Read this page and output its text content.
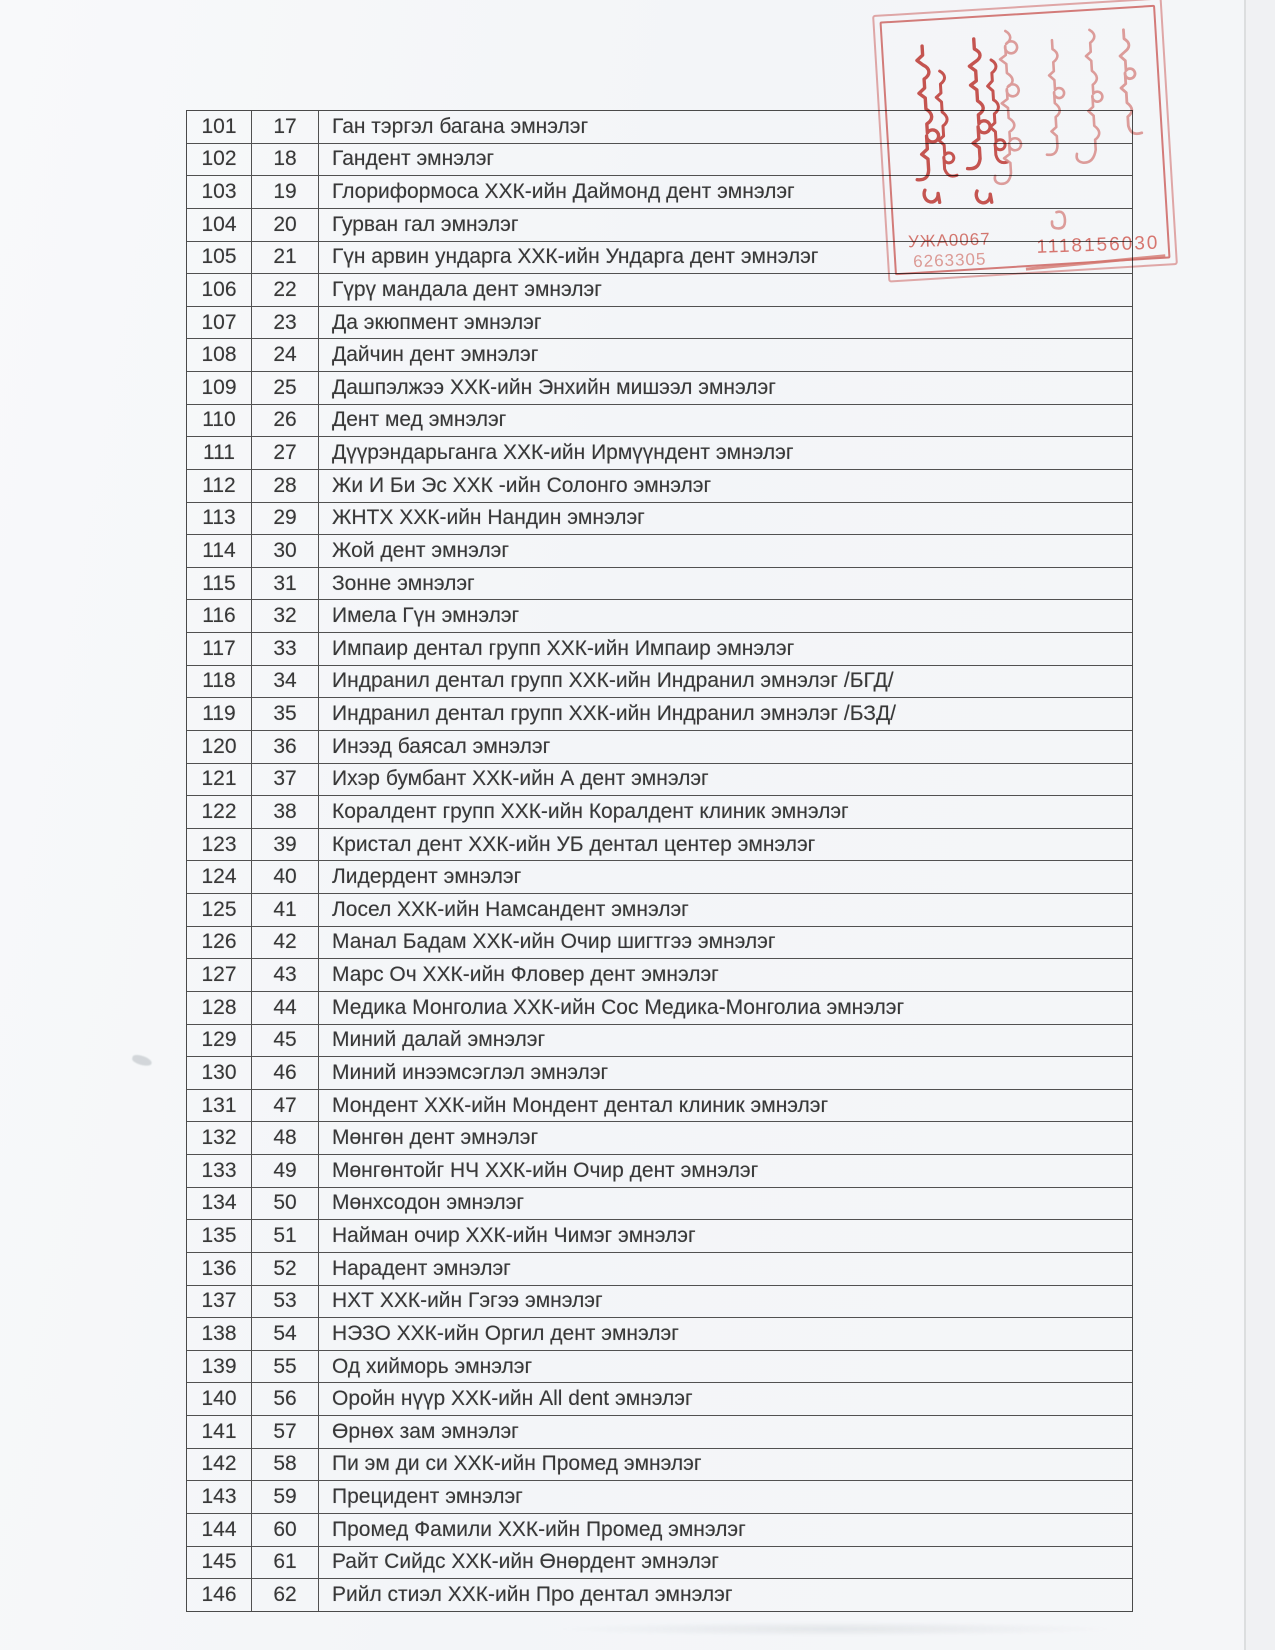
101	17	Ган тэргэл багана эмнэлэг
102	18	Гандент эмнэлэг
103	19	Глориформоса ХХК-ийн Даймонд дент эмнэлэг
104	20	Гурван гал эмнэлэг
105	21	Гүн арвин ундарга ХХК-ийн Ундарга дент эмнэлэг
106	22	Гүрү мандала дент эмнэлэг
107	23	Да экюпмент эмнэлэг
108	24	Дайчин дент эмнэлэг
109	25	Дашпэлжээ ХХК-ийн Энхийн мишээл эмнэлэг
110	26	Дент мед эмнэлэг
111	27	Дүүрэндарьганга ХХК-ийн Ирмүүндент эмнэлэг
112	28	Жи И Би Эс ХХК -ийн Солонго эмнэлэг
113	29	ЖНТХ ХХК-ийн Нандин эмнэлэг
114	30	Жой дент эмнэлэг
115	31	Зонне эмнэлэг
116	32	Имела Гүн эмнэлэг
117	33	Импаир дентал групп ХХК-ийн Импаир эмнэлэг
118	34	Индранил дентал групп ХХК-ийн Индранил эмнэлэг /БГД/
119	35	Индранил дентал групп ХХК-ийн Индранил эмнэлэг /БЗД/
120	36	Инээд баясал эмнэлэг
121	37	Ихэр бумбант ХХК-ийн А дент эмнэлэг
122	38	Коралдент групп ХХК-ийн Коралдент клиник эмнэлэг
123	39	Кристал дент ХХК-ийн УБ дентал центер эмнэлэг
124	40	Лидердент эмнэлэг
125	41	Лосел ХХК-ийн Намсандент эмнэлэг
126	42	Манал Бадам ХХК-ийн Очир шигтгээ эмнэлэг
127	43	Марс Оч ХХК-ийн Фловер дент эмнэлэг
128	44	Медика Монголиа ХХК-ийн Сос Медика-Монголиа эмнэлэг
129	45	Миний далай эмнэлэг
130	46	Миний инээмсэглэл эмнэлэг
131	47	Мондент ХХК-ийн Мондент дентал клиник эмнэлэг
132	48	Мөнгөн дент эмнэлэг
133	49	Мөнгөнтойг НЧ ХХК-ийн Очир дент эмнэлэг
134	50	Мөнхсодон эмнэлэг
135	51	Найман очир ХХК-ийн Чимэг эмнэлэг
136	52	Нарадент эмнэлэг
137	53	НХТ ХХК-ийн Гэгээ эмнэлэг
138	54	НЭЗО ХХК-ийн Оргил дент эмнэлэг
139	55	Од хийморь эмнэлэг
140	56	Оройн нүүр ХХК-ийн All dent эмнэлэг
141	57	Өрнөх зам эмнэлэг
142	58	Пи эм ди си ХХК-ийн Промед эмнэлэг
143	59	Прецидент эмнэлэг
144	60	Промед Фамили ХХК-ийн Промед эмнэлэг
145	61	Райт Сийдс ХХК-ийн Өнөрдент эмнэлэг
146	62	Рийл стиэл ХХК-ийн Про дентал эмнэлэг
УЖА0067
6263305
1118156030
